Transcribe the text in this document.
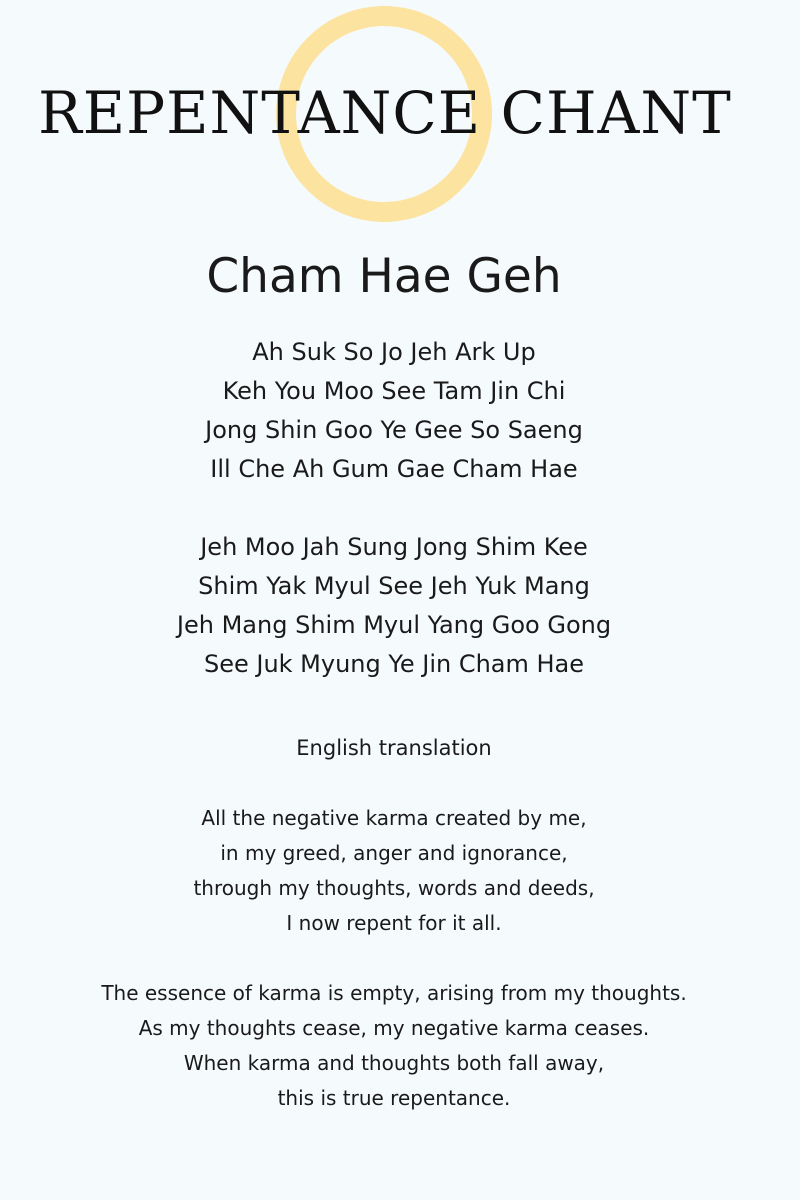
REPENTANCE CHANT
Cham Hae Geh
Ah Suk So Jo Jeh Ark Up
Keh You Moo See Tam Jin Chi
Jong Shin Goo Ye Gee So Saeng
Ill Che Ah Gum Gae Cham Hae
Jeh Moo Jah Sung Jong Shim Kee
Shim Yak Myul See Jeh Yuk Mang
Jeh Mang Shim Myul Yang Goo Gong
See Juk Myung Ye Jin Cham Hae

English translation

All the negative karma created by me,
in my greed, anger and ignorance,
through my thoughts, words and deeds,
I now repent for it all.
The essence of karma is empty, arising from my thoughts.
As my thoughts cease, my negative karma ceases.
When karma and thoughts both fall away,
this is true repentance.
